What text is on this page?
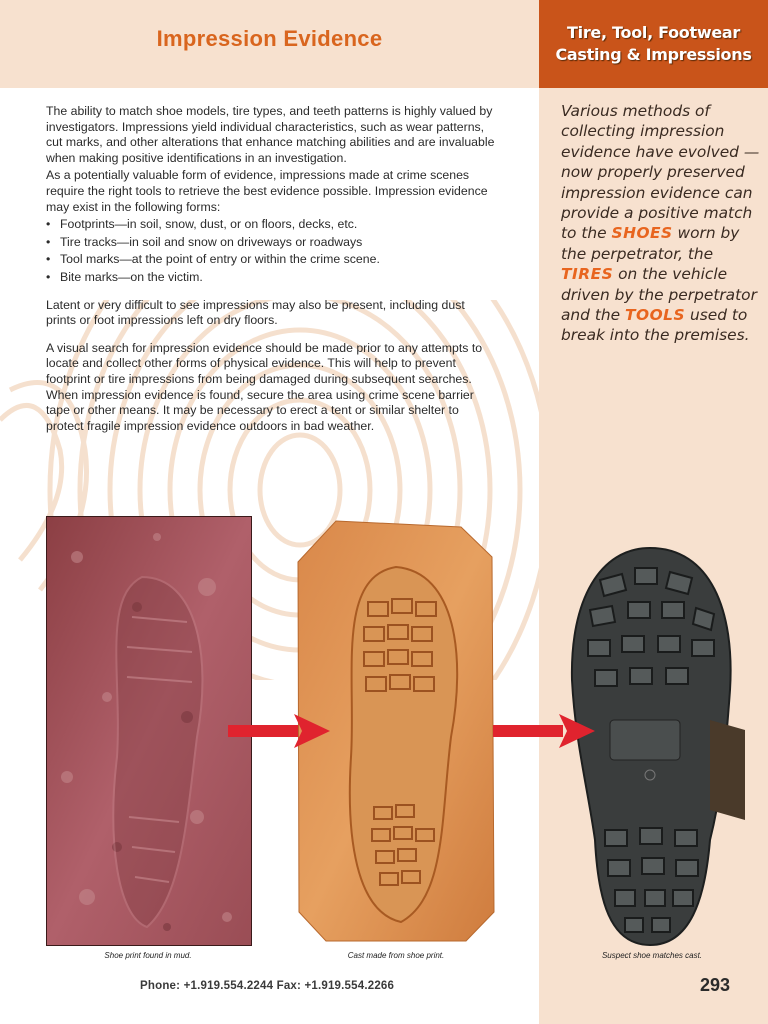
Impression Evidence	Tire, Tool, Footwear
Casting & Impressions

The ability to match shoe models, tire types, and teeth patterns is highly valued by investigators. Impressions yield individual characteristics, such as wear patterns, cut marks, and other alterations that enhance matching abilities and are invaluable when making positive identifications in an investigation.

As a potentially valuable form of evidence, impressions made at crime scenes require the right tools to retrieve the best evidence possible. Impression evidence may exist in the following forms:

• Footprints—in soil, snow, dust, or on floors, decks, etc.
• Tire tracks—in soil and snow on driveways or roadways
• Tool marks—at the point of entry or within the crime scene.
• Bite marks—on the victim.

Latent or very difficult to see impressions may also be present, including dust prints or foot impressions left on dry floors.

A visual search for impression evidence should be made prior to any attempts to locate and collect other forms of physical evidence. This will help to prevent footprint or tire impressions from being damaged during subsequent searches. When impression evidence is found, secure the area using crime scene barrier tape or other means. It may be necessary to erect a tent or similar shelter to protect fragile impression evidence outdoors in bad weather.

Various methods of collecting impression evidence have evolved —now properly preserved impression evidence can provide a positive match to the SHOES worn by the perpetrator, the TIRES on the vehicle driven by the perpetrator and the TOOLS used to break into the premises.
Shoe print found in mud.	Cast made from shoe print.	Suspect shoe matches cast.
Phone: +1.919.554.2244 Fax: +1.919.554.2266	293
